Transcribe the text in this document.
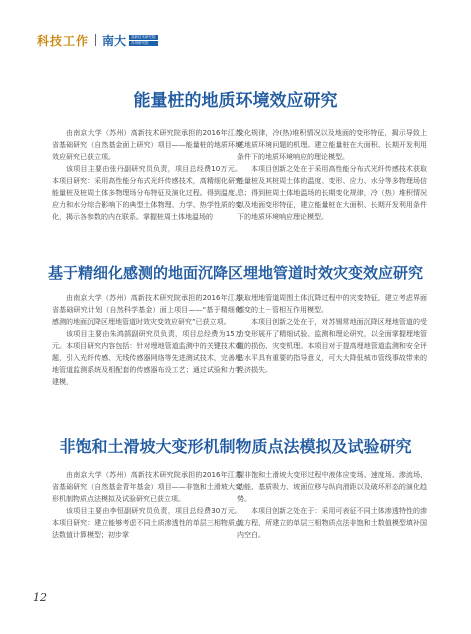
科技工作 南大	高新技术研究院
苏州研究院
能量桩的地质环境效应研究

由南京大学（苏州）高新技术研究院承担的2016年江苏省基础研究（自然基金面上研究）项目——能量桩的地质环境效应研究已获立项。

该项目主要由张丹副研究员负责，项目总经费10万元。本项目研究：采用高性能分布式光纤传感技术，高精细化研究能量桩及桩周土体多物理场分布特征及演化过程。得到温度、应力和水分综合影响下的典型土体物理、力学、热学性质的变化，揭示各参数的内在联系。掌握桩周土体地温场的

变化规律，冷(热)堆积情况以及地面的变形特征，揭示导致上述地质环境问题的机理。建立能量桩在大面积、长期开发利用条件下的地质环境响应的理论模型。

本项目创新之处在于采用高性能分布式光纤传感技术获取能量桩及其桩周土体的温度、变形、应力、水分等多物理场信息；得到桩周土体地温场的长期变化规律，冷（热）堆积情况以及地面变形特征，建立能量桩在大面积、长期开发利用条件下的地质环境响应理论模型。

基于精细化感测的地面沉降区埋地管道时效灾变效应研究

由南京大学（苏州）高新技术研究院承担的2016年江苏省基础研究计划（自然科学基金）面上项目——“基于精细化感测的地面沉降区埋地管道时效灾变效应研究”已获立项。

该项目主要由朱鸿鹄副研究员负责，项目总经费为15万元。本项目研究内容包括：针对埋地管道监测中的关键技术难题，引入光纤传感、无线传感器网络等先进测试技术，完善埋地管道监测系统及相配套的传感器布设工艺；通过试验和力学建模，

获取埋地管道周围土体沉降过程中的灾变特征，建立考虑界面蠕变的土－管相互作用模型。

本项目创新之处在于，对苏锡常地面沉降区埋地管道的受力变形展开了精细试验、监测和理论研究，以全面掌握埋地管道的损伤、灾变机理。本项目对于提高埋地管道监测和安全评估水平具有重要的指导意义，可大大降低城市管线事故带来的经济损失。

非饱和土滑坡大变形机制物质点法模拟及试验研究

由南京大学（苏州）高新技术研究院承担的2016年江苏省基础研究（自然基金青年基金）项目——非饱和土滑坡大变形机制物质点法模拟及试验研究已获立项。

该项目主要由李恒副研究员负责，项目总经费30万元。本项目研究：建立能够考虑不同土质渗透性的单层三相物质点法数值计算模型；初步掌

握非饱和土滑坡大变形过程中液体应变场、速度场、渗流场、动能、基质吸力、坡面位移与纵向滑距以及破坏形态的演化趋势。

本项目创新之处在于：采用可表征不同土体渗透特性的渗流方程，所建立的单层三相物质点法非饱和土数值模型填补国内空白。

12
